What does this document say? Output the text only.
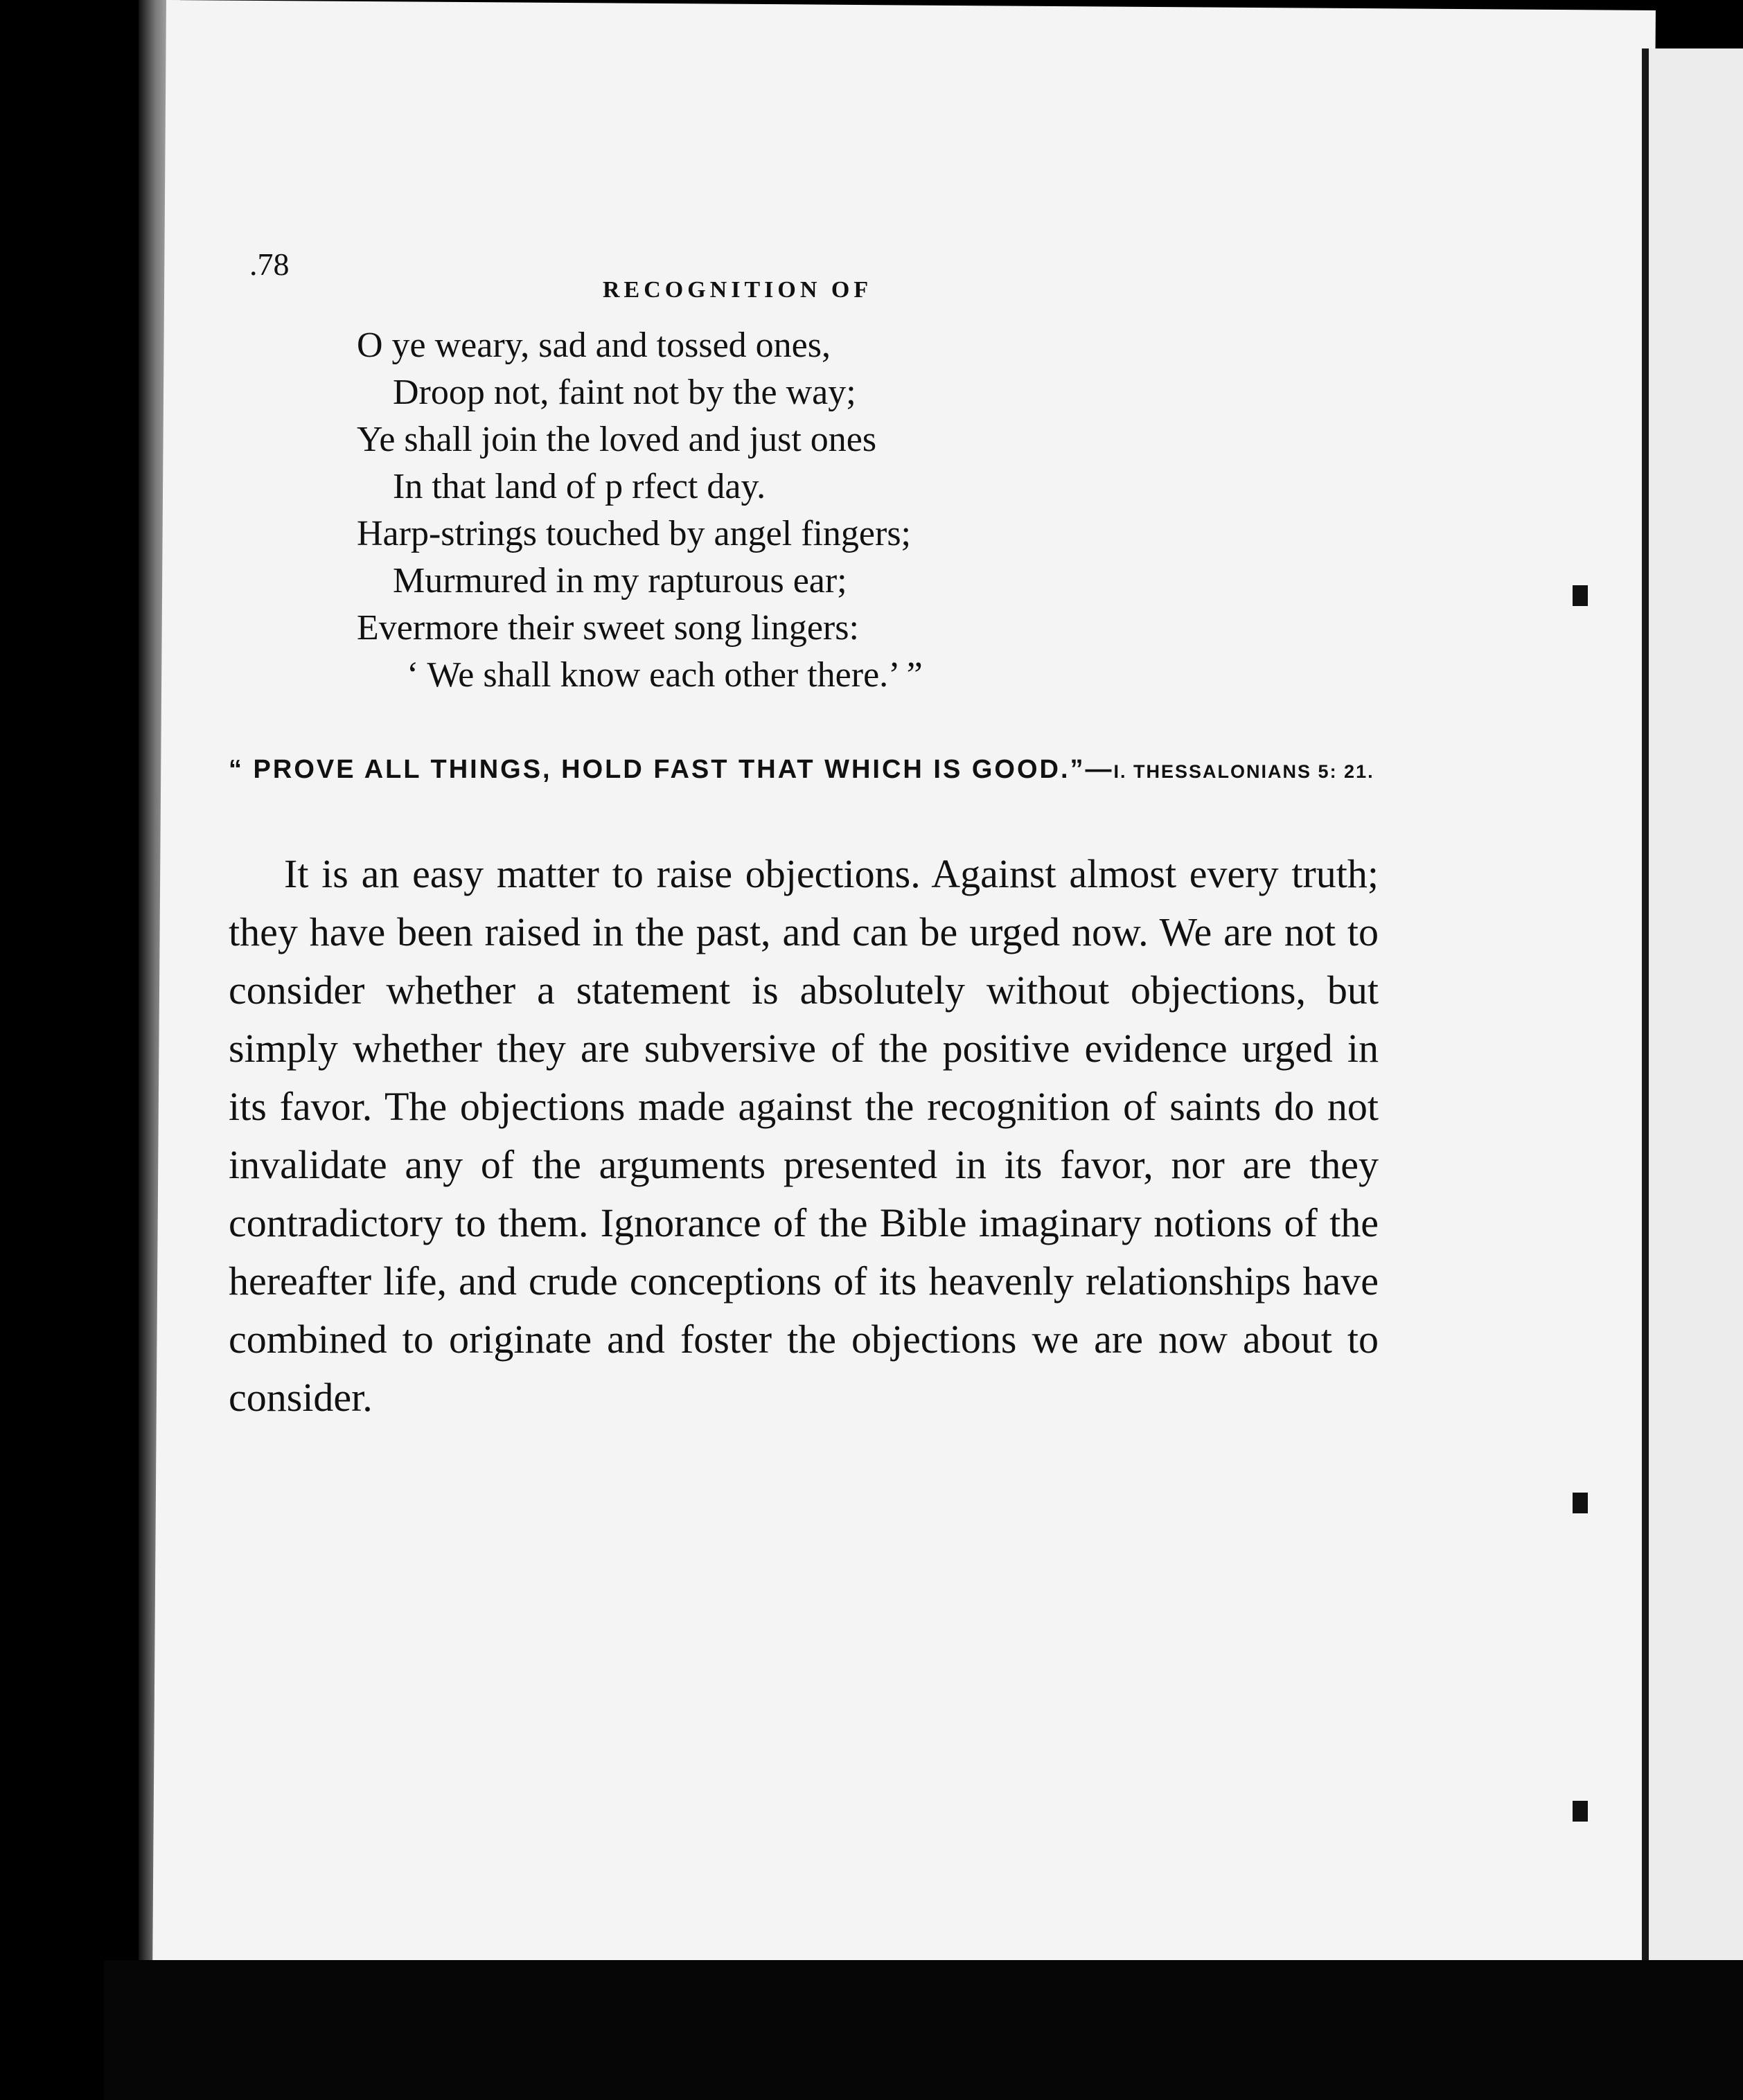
.78
RECOGNITION OF
O ye weary, sad and tossed ones,
Droop not, faint not by the way;
Ye shall join the loved and just ones
In that land of p rfect day.
Harp-strings touched by angel fingers;
Murmured in my rapturous ear;
Evermore their sweet song lingers:
‘ We shall know each other there.’ ”
“ PROVE ALL THINGS, HOLD FAST THAT WHICH IS GOOD.”—I. THESSALONIANS 5: 21.
It is an easy matter to raise objections. Against almost every truth; they have been raised in the past, and can be urged now. We are not to consider whether a statement is absolutely without objections, but simply whether they are subversive of the positive evidence urged in its favor. The objections made against the recognition of saints do not invalidate any of the arguments presented in its favor, nor are they contradictory to them. Ignorance of the Bible imaginary notions of the hereafter life, and crude conceptions of its heavenly relationships have combined to originate and foster the objections we are now about to consider.
